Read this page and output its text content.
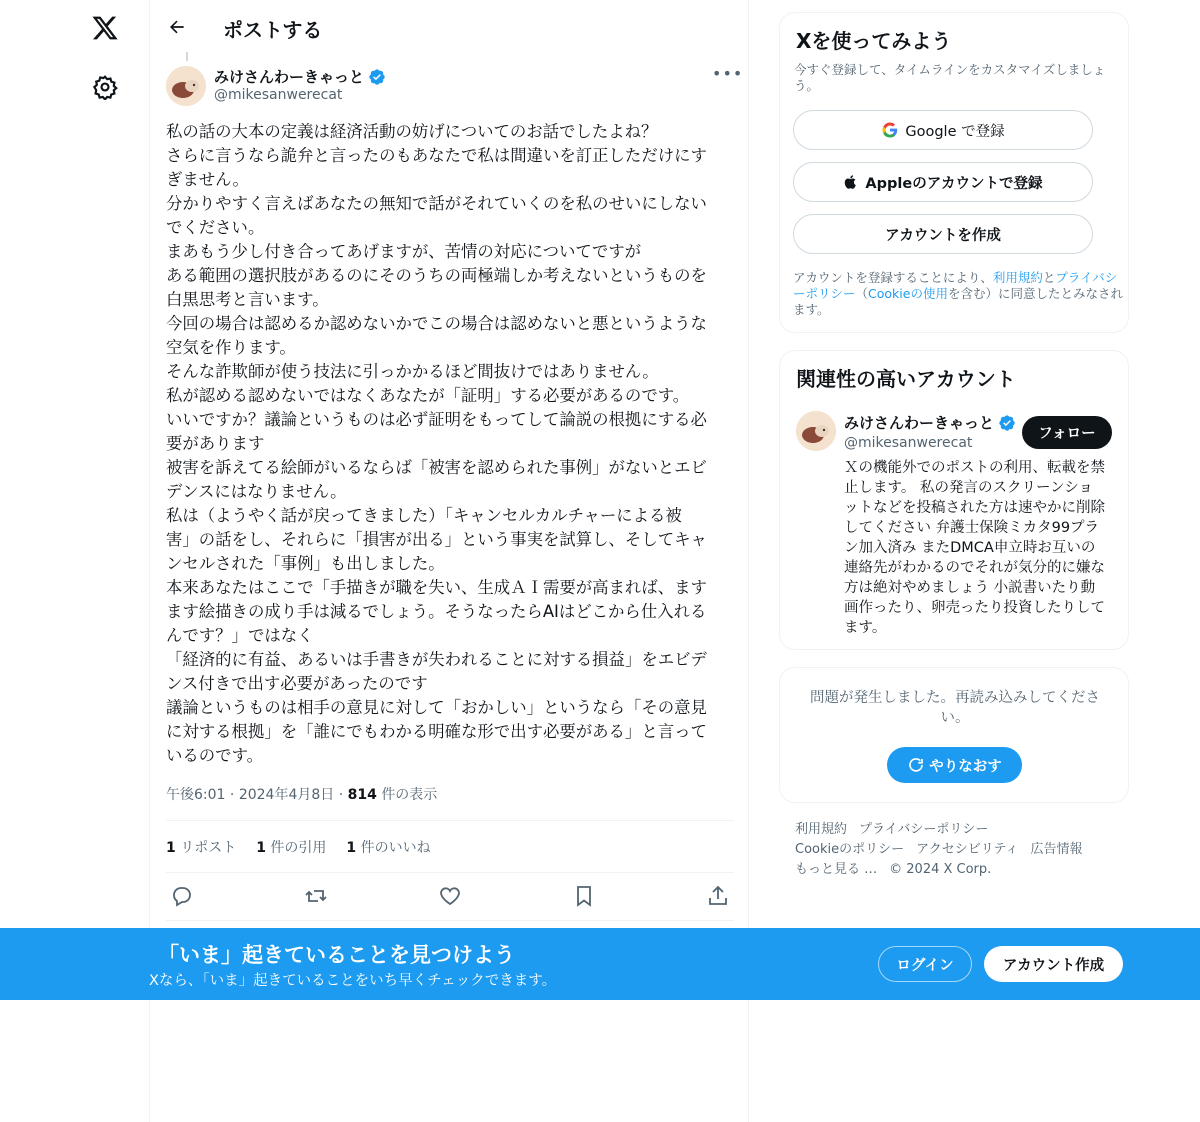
ポストする
みけさんわーきゃっと
@mikesanwerecat
•••
私の話の大本の定義は経済活動の妨げについてのお話でしたよね？
さらに言うなら詭弁と言ったのもあなたで私は間違いを訂正しただけにす
ぎません。
分かりやすく言えばあなたの無知で話がそれていくのを私のせいにしない
でください。
まあもう少し付き合ってあげますが、苦情の対応についてですが
ある範囲の選択肢があるのにそのうちの両極端しか考えないというものを
白黒思考と言います。
今回の場合は認めるか認めないかでこの場合は認めないと悪というような
空気を作ります。
そんな詐欺師が使う技法に引っかかるほど間抜けではありません。
私が認める認めないではなくあなたが「証明」する必要があるのです。
いいですか？議論というものは必ず証明をもってして論説の根拠にする必
要があります
被害を訴えてる絵師がいるならば「被害を認められた事例」がないとエビ
デンスにはなりません。
私は（ようやく話が戻ってきました）「キャンセルカルチャーによる被
害」の話をし、それらに「損害が出る」という事実を試算し、そしてキャ
ンセルされた「事例」も出しました。
本来あなたはここで「手描きが職を失い、生成ＡＩ需要が高まれば、ます
ます絵描きの成り手は減るでしょう。そうなったらAIはどこから仕入れる
んです？」ではなく
「経済的に有益、あるいは手書きが失われることに対する損益」をエビデ
ンス付きで出す必要があったのです
議論というものは相手の意見に対して「おかしい」というなら「その意見
に対する根拠」を「誰にでもわかる明確な形で出す必要がある」と言って
いるのです。
午後6:01 · 2024年4月8日 · 814 件の表示
1 リポスト 1 件の引用 1 件のいいね
Xを使ってみよう
今すぐ登録して、タイムラインをカスタマイズしましょう。
Google で登録
Appleのアカウントで登録
アカウントを作成
アカウントを登録することにより、利用規約とプライバシーポリシー（Cookieの使用を含む）に同意したとみなされます。
関連性の高いアカウント
みけさんわーきゃっと
@mikesanwerecat
フォロー
Ｘの機能外でのポストの利用、転載を禁止します。 私の発言のスクリーンショットなどを投稿された方は速やかに削除してください 弁護士保険ミカタ99プラン加入済み またDMCA申立時お互いの連絡先がわかるのでそれが気分的に嫌な方は絶対やめましょう 小説書いたり動画作ったり、卵売ったり投資したりしてます。
問題が発生しました。再読み込みしてください。
やりなおす
利用規約 プライバシーポリシー
Cookieのポリシー アクセシビリティ 広告情報
もっと見る … © 2024 X Corp.
「いま」起きていることを見つけよう
Xなら、「いま」起きていることをいち早くチェックできます。
ログイン	アカウント作成
